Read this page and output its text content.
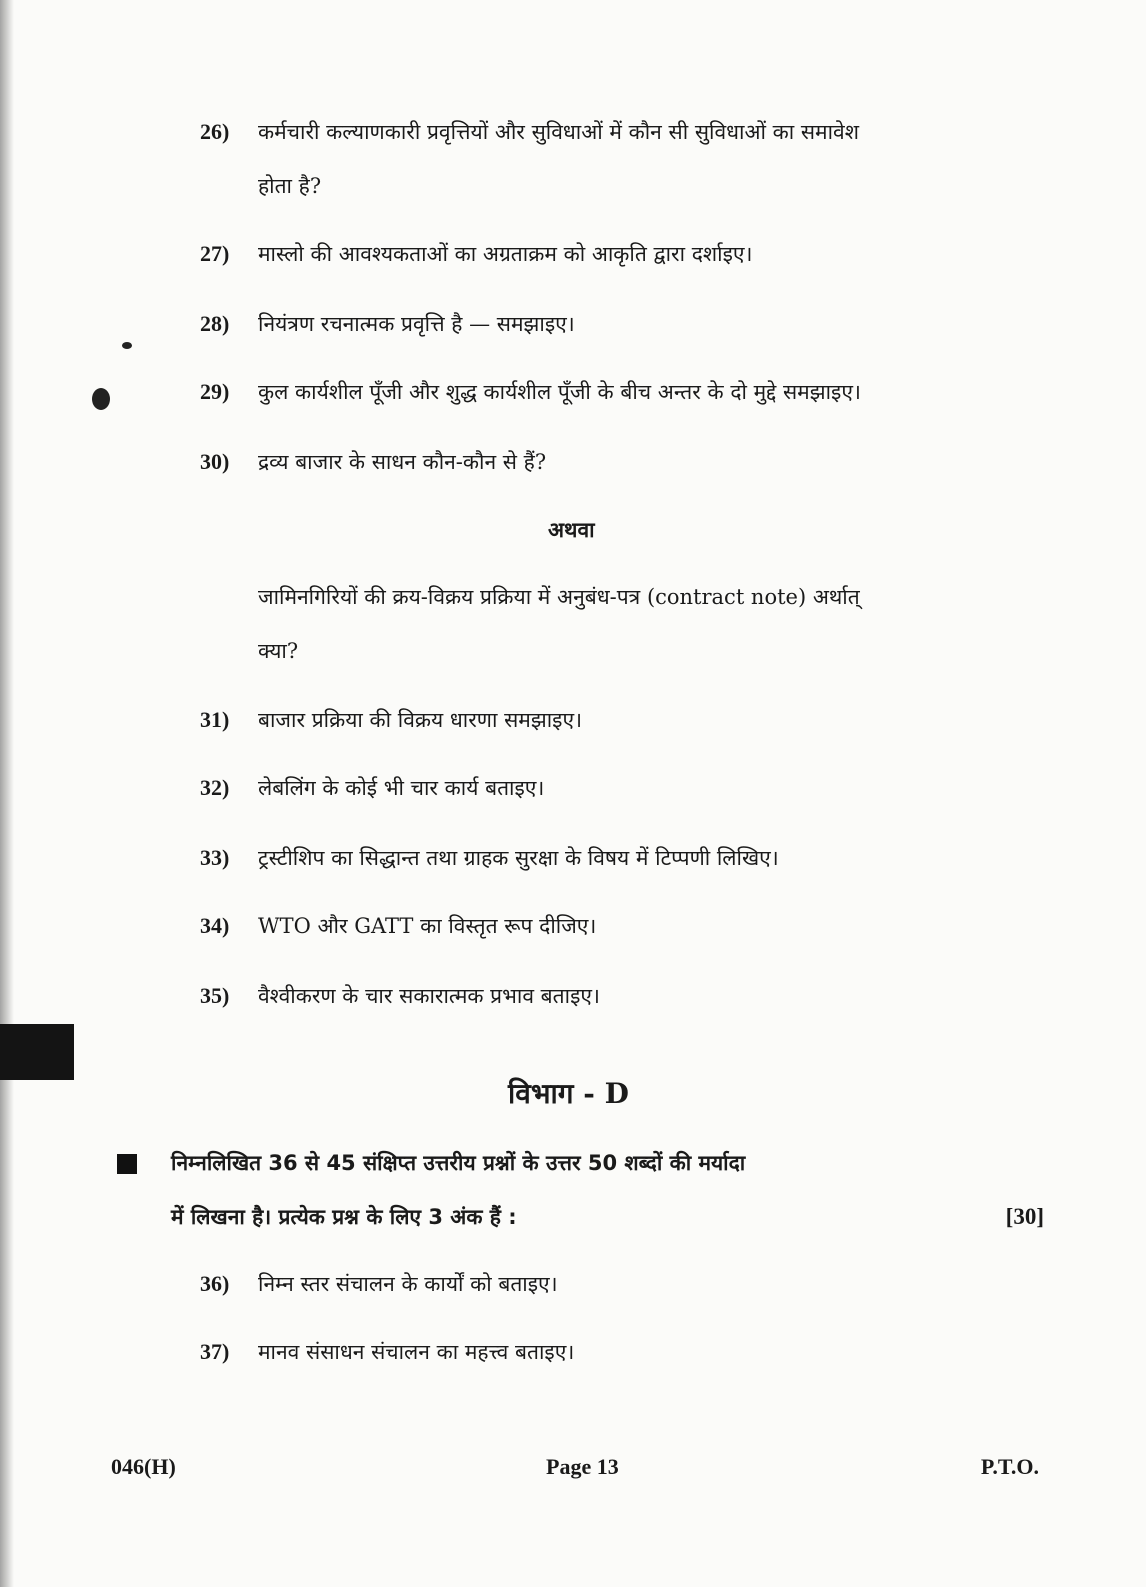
26)	कर्मचारी कल्याणकारी प्रवृत्तियों और सुविधाओं में कौन सी सुविधाओं का समावेश
होता है?
27)	मास्लो की आवश्यकताओं का अग्रताक्रम को आकृति द्वारा दर्शाइए।
28)	नियंत्रण रचनात्मक प्रवृत्ति है — समझाइए।
29)	कुल कार्यशील पूँजी और शुद्ध कार्यशील पूँजी के बीच अन्तर के दो मुद्दे समझाइए।
30)	द्रव्य बाजार के साधन कौन-कौन से हैं?
अथवा
जामिनगिरियों की क्रय-विक्रय प्रक्रिया में अनुबंध-पत्र (contract note) अर्थात्
क्या?
31)	बाजार प्रक्रिया की विक्रय धारणा समझाइए।
32)	लेबलिंग के कोई भी चार कार्य बताइए।
33)	ट्रस्टीशिप का सिद्धान्त तथा ग्राहक सुरक्षा के विषय में टिप्पणी लिखिए।
34)	WTO और GATT का विस्तृत रूप दीजिए।
35)	वैश्वीकरण के चार सकारात्मक प्रभाव बताइए।
विभाग - D
निम्नलिखित 36 से 45 संक्षिप्त उत्तरीय प्रश्नों के उत्तर 50 शब्दों की मर्यादा
में लिखना है। प्रत्येक प्रश्न के लिए 3 अंक हैं :	[30]
36)	निम्न स्तर संचालन के कार्यों को बताइए।
37)	मानव संसाधन संचालन का महत्त्व बताइए।
046(H)	Page 13	P.T.O.
